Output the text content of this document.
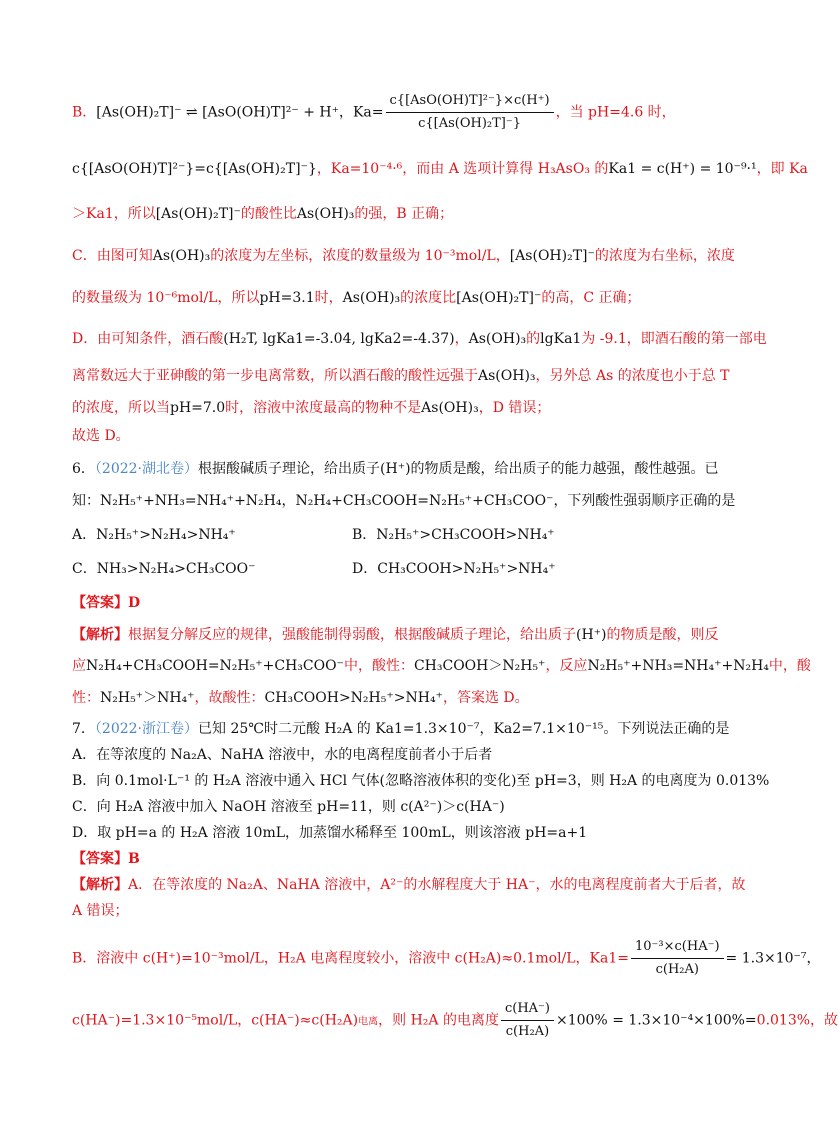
B．[As(OH)₂T]⁻ ⇌ [AsO(OH)T]²⁻ + H⁺，$Ka= \frac{\text{c\{[AsO(OH)T]²⁻\}×c(H⁺)}}{\text{c\{[As(OH)₂T]⁻\}}}$ ，当 pH=4.6 时，
c{[AsO(OH)T]²⁻}=c{[As(OH)₂T]⁻}，Ka=10⁻⁴·⁶，而由 A 选项计算得 H₃AsO₃ 的Ka1 = c(H⁺) = 10⁻⁹·¹，即 Ka
＞Ka1，所以[As(OH)₂T]⁻的酸性比As(OH)₃的强，B 正确；
C．由图可知As(OH)₃的浓度为左坐标，浓度的数量级为 10⁻³mol/L，[As(OH)₂T]⁻的浓度为右坐标，浓度
的数量级为 10⁻⁶mol/L，所以pH=3.1时，As(OH)₃的浓度比[As(OH)₂T]⁻的高，C 正确；
D．由可知条件，酒石酸(H₂T, lgKa1=-3.04, lgKa2=-4.37)，As(OH)₃的lgKa1为 -9.1，即酒石酸的第一部电
离常数远大于亚砷酸的第一步电离常数，所以酒石酸的酸性远强于As(OH)₃，另外总 As 的浓度也小于总 T
的浓度，所以当pH=7.0时，溶液中浓度最高的物种不是As(OH)₃，D 错误；
故选 D。
6．（2022·湖北卷）根据酸碱质子理论，给出质子(H⁺)的物质是酸，给出质子的能力越强，酸性越强。已
知：N₂H₅⁺+NH₃=NH₄⁺+N₂H₄，N₂H₄+CH₃COOH=N₂H₅⁺+CH₃COO⁻，下列酸性强弱顺序正确的是
A．N₂H₅⁺>N₂H₄>NH₄⁺	B．N₂H₅⁺>CH₃COOH>NH₄⁺
C．NH₃>N₂H₄>CH₃COO⁻	D．CH₃COOH>N₂H₅⁺>NH₄⁺
【答案】D
【解析】根据复分解反应的规律，强酸能制得弱酸，根据酸碱质子理论，给出质子(H⁺)的物质是酸，则反
应N₂H₄+CH₃COOH=N₂H₅⁺+CH₃COO⁻中，酸性：CH₃COOH＞N₂H₅⁺，反应N₂H₅⁺+NH₃=NH₄⁺+N₂H₄中，酸
性：N₂H₅⁺＞NH₄⁺，故酸性：CH₃COOH>N₂H₅⁺>NH₄⁺，答案选 D。
7．（2022·浙江卷）已知 25℃时二元酸 H₂A 的 Ka1=1.3×10⁻⁷，Ka2=7.1×10⁻¹⁵。下列说法正确的是
A．在等浓度的 Na₂A、NaHA 溶液中，水的电离程度前者小于后者
B．向 0.1mol·L⁻¹ 的 H₂A 溶液中通入 HCl 气体(忽略溶液体积的变化)至 pH=3，则 H₂A 的电离度为 0.013%
C．向 H₂A 溶液中加入 NaOH 溶液至 pH=11，则 c(A²⁻)＞c(HA⁻)
D．取 pH=a 的 H₂A 溶液 10mL，加蒸馏水稀释至 100mL，则该溶液 pH=a+1
【答案】B
【解析】A．在等浓度的 Na₂A、NaHA 溶液中，A²⁻的水解程度大于 HA⁻，水的电离程度前者大于后者，故
A 错误；
B．溶液中 c(H⁺)=10⁻³mol/L，H₂A 电离程度较小，溶液中 c(H₂A)≈0.1mol/L，$Ka1= \frac{\text{10⁻³×c(HA⁻)}}{\text{c(H₂A)}} = 1.3\times 10^{-7}$，
c(HA⁻)=1.3×10⁻⁵mol/L，c(HA⁻)≈c(H₂A)电离，则 H₂A 的电离度 $\frac{c(HA^-)}{\text{c(H₂A)}} \times 100\% = 1.3\times 10^{-4}\times 100\%=0.013\%$，故
